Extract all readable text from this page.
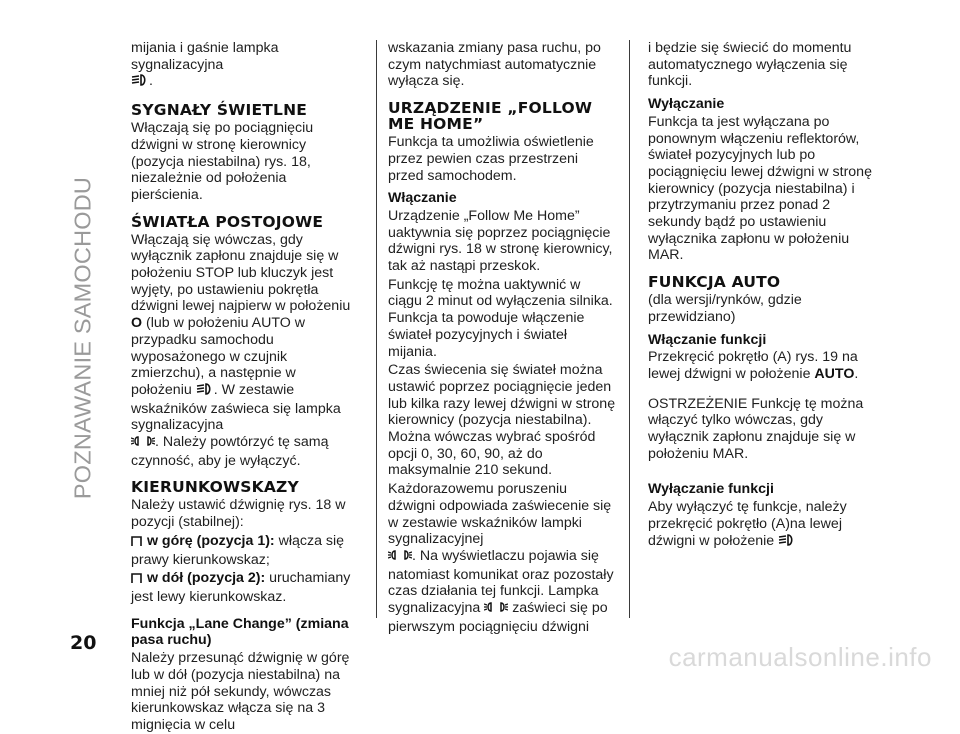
POZNAWANIE SAMOCHODU

mijania i gaśnie lampka sygnalizacyjna
.

SYGNAŁY ŚWIETLNE

Włączają się po pociągnięciu dźwigni w stronę kierownicy (pozycja niestabilna) rys. 18, niezależnie od położenia pierścienia.

ŚWIATŁA POSTOJOWE

Włączają się wówczas, gdy wyłącznik zapłonu znajduje się w położeniu STOP lub kluczyk jest wyjęty, po ustawieniu pokrętła dźwigni lewej najpierw w położeniu O (lub w położeniu AUTO w przypadku samochodu wyposażonego w czujnik zmierzchu), a następnie w położeniu . W zestawie wskaźników zaświeca się lampka sygnalizacyjna
. Należy powtórzyć tę samą czynność, aby je wyłączyć.

KIERUNKOWSKAZY

Należy ustawić dźwignię rys. 18 w pozycji (stabilnej):

w górę (pozycja 1): włącza się prawy kierunkowskaz;

w dół (pozycja 2): uruchamiany jest lewy kierunkowskaz.

Funkcja „Lane Change” (zmiana pasa ruchu)

Należy przesunąć dźwignię w górę lub w dół (pozycja niestabilna) na mniej niż pół sekundy, wówczas kierunkowskaz włącza się na 3 mignięcia w celu

wskazania zmiany pasa ruchu, po czym natychmiast automatycznie wyłącza się.

URZĄDZENIE „FOLLOW ME HOME”

Funkcja ta umożliwia oświetlenie przez pewien czas przestrzeni przed samochodem.

Włączanie

Urządzenie „Follow Me Home” uaktywnia się poprzez pociągnięcie dźwigni rys. 18 w stronę kierownicy, tak aż nastąpi przeskok.

Funkcję tę można uaktywnić w ciągu 2 minut od wyłączenia silnika. Funkcja ta powoduje włączenie świateł pozycyjnych i świateł mijania.

Czas świecenia się świateł można ustawić poprzez pociągnięcie jeden lub kilka razy lewej dźwigni w stronę kierownicy (pozycja niestabilna). Można wówczas wybrać spośród opcji 0, 30, 60, 90, aż do maksymalnie 210 sekund.

Każdorazowemu poruszeniu dźwigni odpowiada zaświecenie się w zestawie wskaźników lampki sygnalizacyjnej
. Na wyświetlaczu pojawia się natomiast komunikat oraz pozostały czas działania tej funkcji. Lampka sygnalizacyjna zaświeci się po pierwszym pociągnięciu dźwigni

i będzie się świecić do momentu automatycznego wyłączenia się funkcji.

Wyłączanie

Funkcja ta jest wyłączana po ponownym włączeniu reflektorów, świateł pozycyjnych lub po pociągnięciu lewej dźwigni w stronę kierownicy (pozycja niestabilna) i przytrzymaniu przez ponad 2 sekundy bądź po ustawieniu wyłącznika zapłonu w położeniu MAR.

FUNKCJA AUTO

(dla wersji/rynków, gdzie przewidziano)

Włączanie funkcji

Przekręcić pokrętło (A) rys. 19 na lewej dźwigni w położenie AUTO.

OSTRZEŻENIE Funkcję tę można włączyć tylko wówczas, gdy wyłącznik zapłonu znajduje się w położeniu MAR.

Wyłączanie funkcji

Aby wyłączyć tę funkcje, należy przekręcić pokrętło (A)na lewej dźwigni w położenie

20	carmanualsonline.info
